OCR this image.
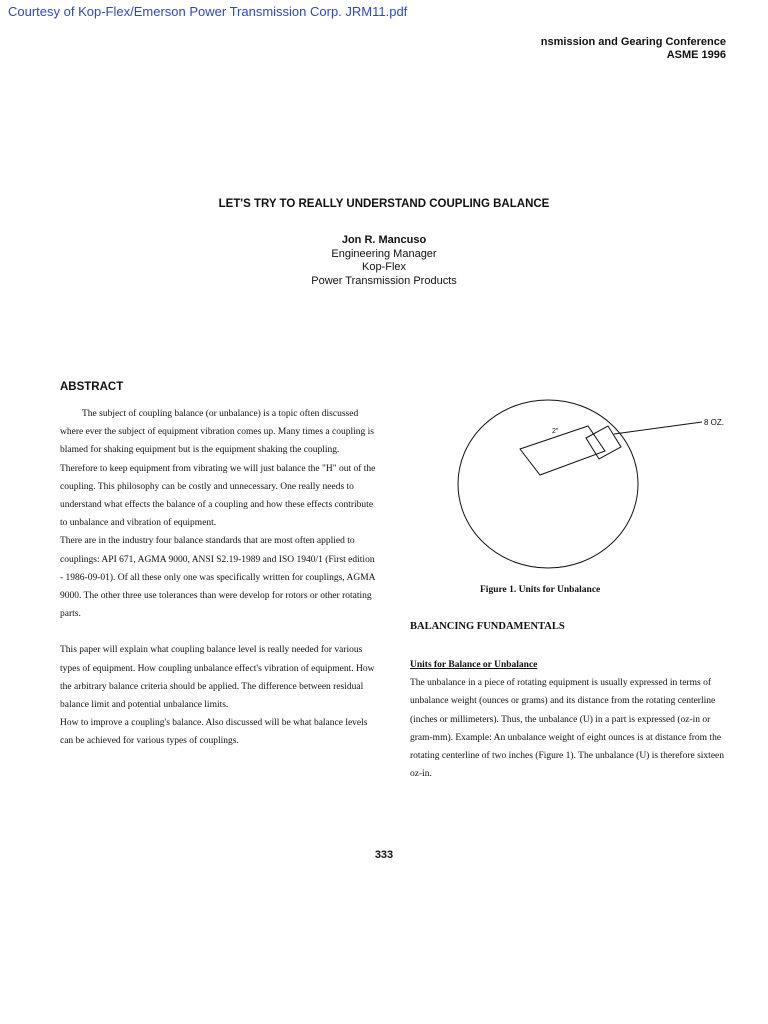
Courtesy of Kop-Flex/Emerson Power Transmission Corp. JRM11.pdf
nsmission and Gearing Conference
ASME 1996
LET'S TRY TO REALLY UNDERSTAND COUPLING BALANCE
Jon R. Mancuso
Engineering Manager
Kop-Flex
Power Transmission Products
ABSTRACT

The subject of coupling balance (or unbalance) is a topic often discussed where ever the subject of equipment vibration comes up. Many times a coupling is blamed for shaking equipment but is the equipment shaking the coupling. Therefore to keep equipment from vibrating we will just balance the "H" out of the coupling. This philosophy can be costly and unnecessary. One really needs to understand what effects the balance of a coupling and how these effects contribute to unbalance and vibration of equipment.

There are in the industry four balance standards that are most often applied to couplings: API 671, AGMA 9000, ANSI S2.19-1989 and ISO 1940/1 (First edition - 1986-09-01). Of all these only one was specifically written for couplings, AGMA 9000. The other three use tolerances than were develop for rotors or other rotating parts.

This paper will explain what coupling balance level is really needed for various types of equipment. How coupling unbalance effect's vibration of equipment. How the arbitrary balance criteria should be applied. The difference between residual balance limit and potential unbalance limits.

How to improve a coupling's balance. Also discussed will be what balance levels can be achieved for various types of couplings.

8 OZ.
2"
Figure 1. Units for Unbalance
BALANCING FUNDAMENTALS

Units for Balance or Unbalance

The unbalance in a piece of rotating equipment is usually expressed in terms of unbalance weight (ounces or grams) and its distance from the rotating centerline (inches or millimeters). Thus, the unbalance (U) in a part is expressed (oz-in or gram-mm). Example: An unbalance weight of eight ounces is at distance from the rotating centerline of two inches (Figure 1). The unbalance (U) is therefore sixteen oz-in.

333
